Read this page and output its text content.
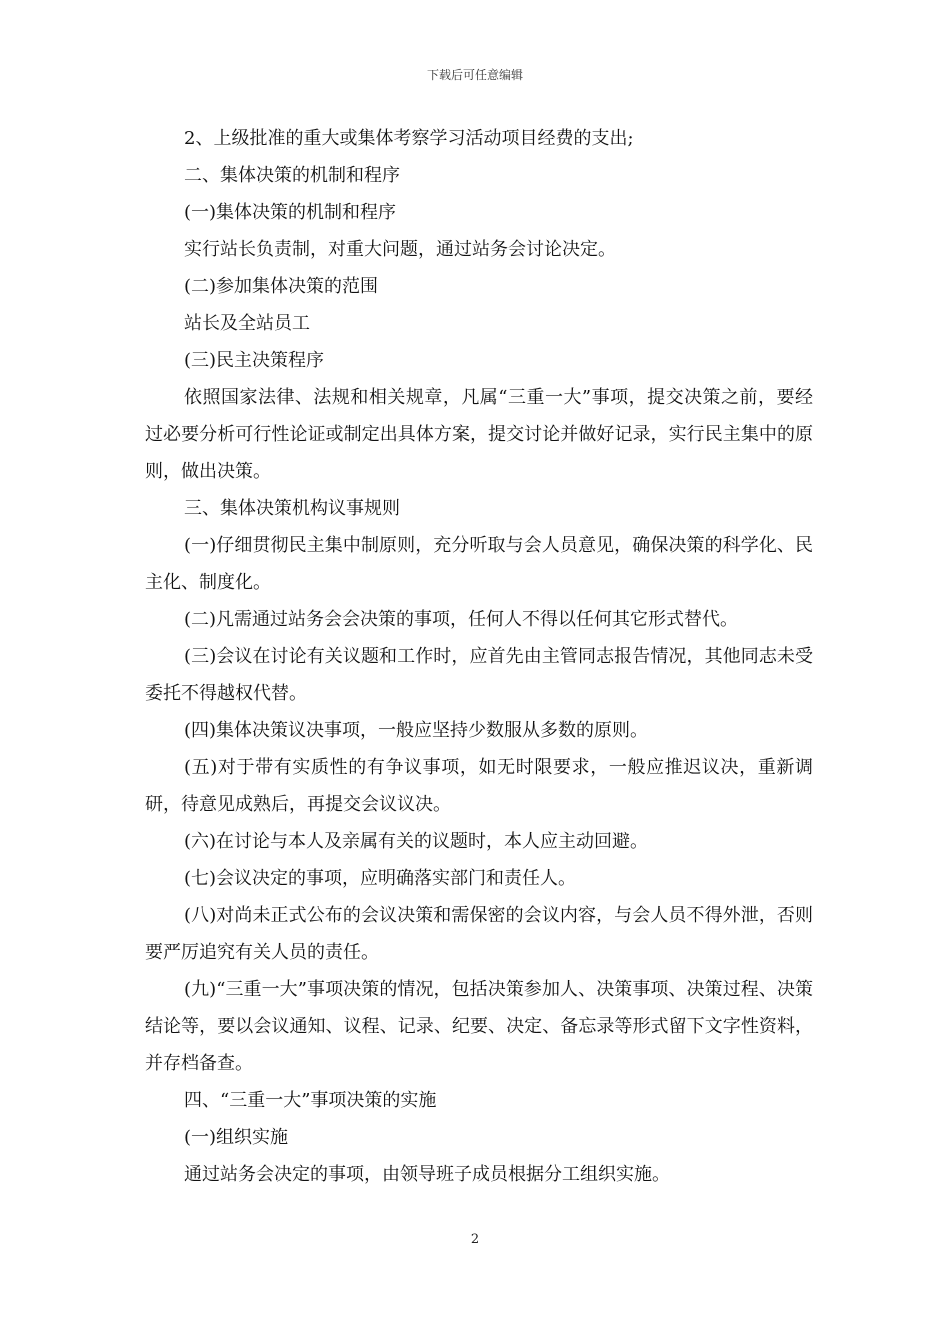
下载后可任意编辑

2、上级批准的重大或集体考察学习活动项目经费的支出;

二、集体决策的机制和程序

(一)集体决策的机制和程序

实行站长负责制，对重大问题，通过站务会讨论决定。

(二)参加集体决策的范围

站长及全站员工

(三)民主决策程序

依照国家法律、法规和相关规章，凡属“三重一大”事项，提交决策之前，要经过必要分析可行性论证或制定出具体方案，提交讨论并做好记录，实行民主集中的原则，做出决策。

三、集体决策机构议事规则

(一)仔细贯彻民主集中制原则，充分听取与会人员意见，确保决策的科学化、民主化、制度化。

(二)凡需通过站务会会决策的事项，任何人不得以任何其它形式替代。

(三)会议在讨论有关议题和工作时，应首先由主管同志报告情况，其他同志未受委托不得越权代替。

(四)集体决策议决事项，一般应坚持少数服从多数的原则。

(五)对于带有实质性的有争议事项，如无时限要求，一般应推迟议决，重新调研，待意见成熟后，再提交会议议决。

(六)在讨论与本人及亲属有关的议题时，本人应主动回避。

(七)会议决定的事项，应明确落实部门和责任人。

(八)对尚未正式公布的会议决策和需保密的会议内容，与会人员不得外泄，否则要严厉追究有关人员的责任。

(九)“三重一大”事项决策的情况，包括决策参加人、决策事项、决策过程、决策结论等，要以会议通知、议程、记录、纪要、决定、备忘录等形式留下文字性资料，并存档备查。

四、“三重一大”事项决策的实施

(一)组织实施

通过站务会决定的事项，由领导班子成员根据分工组织实施。

2
